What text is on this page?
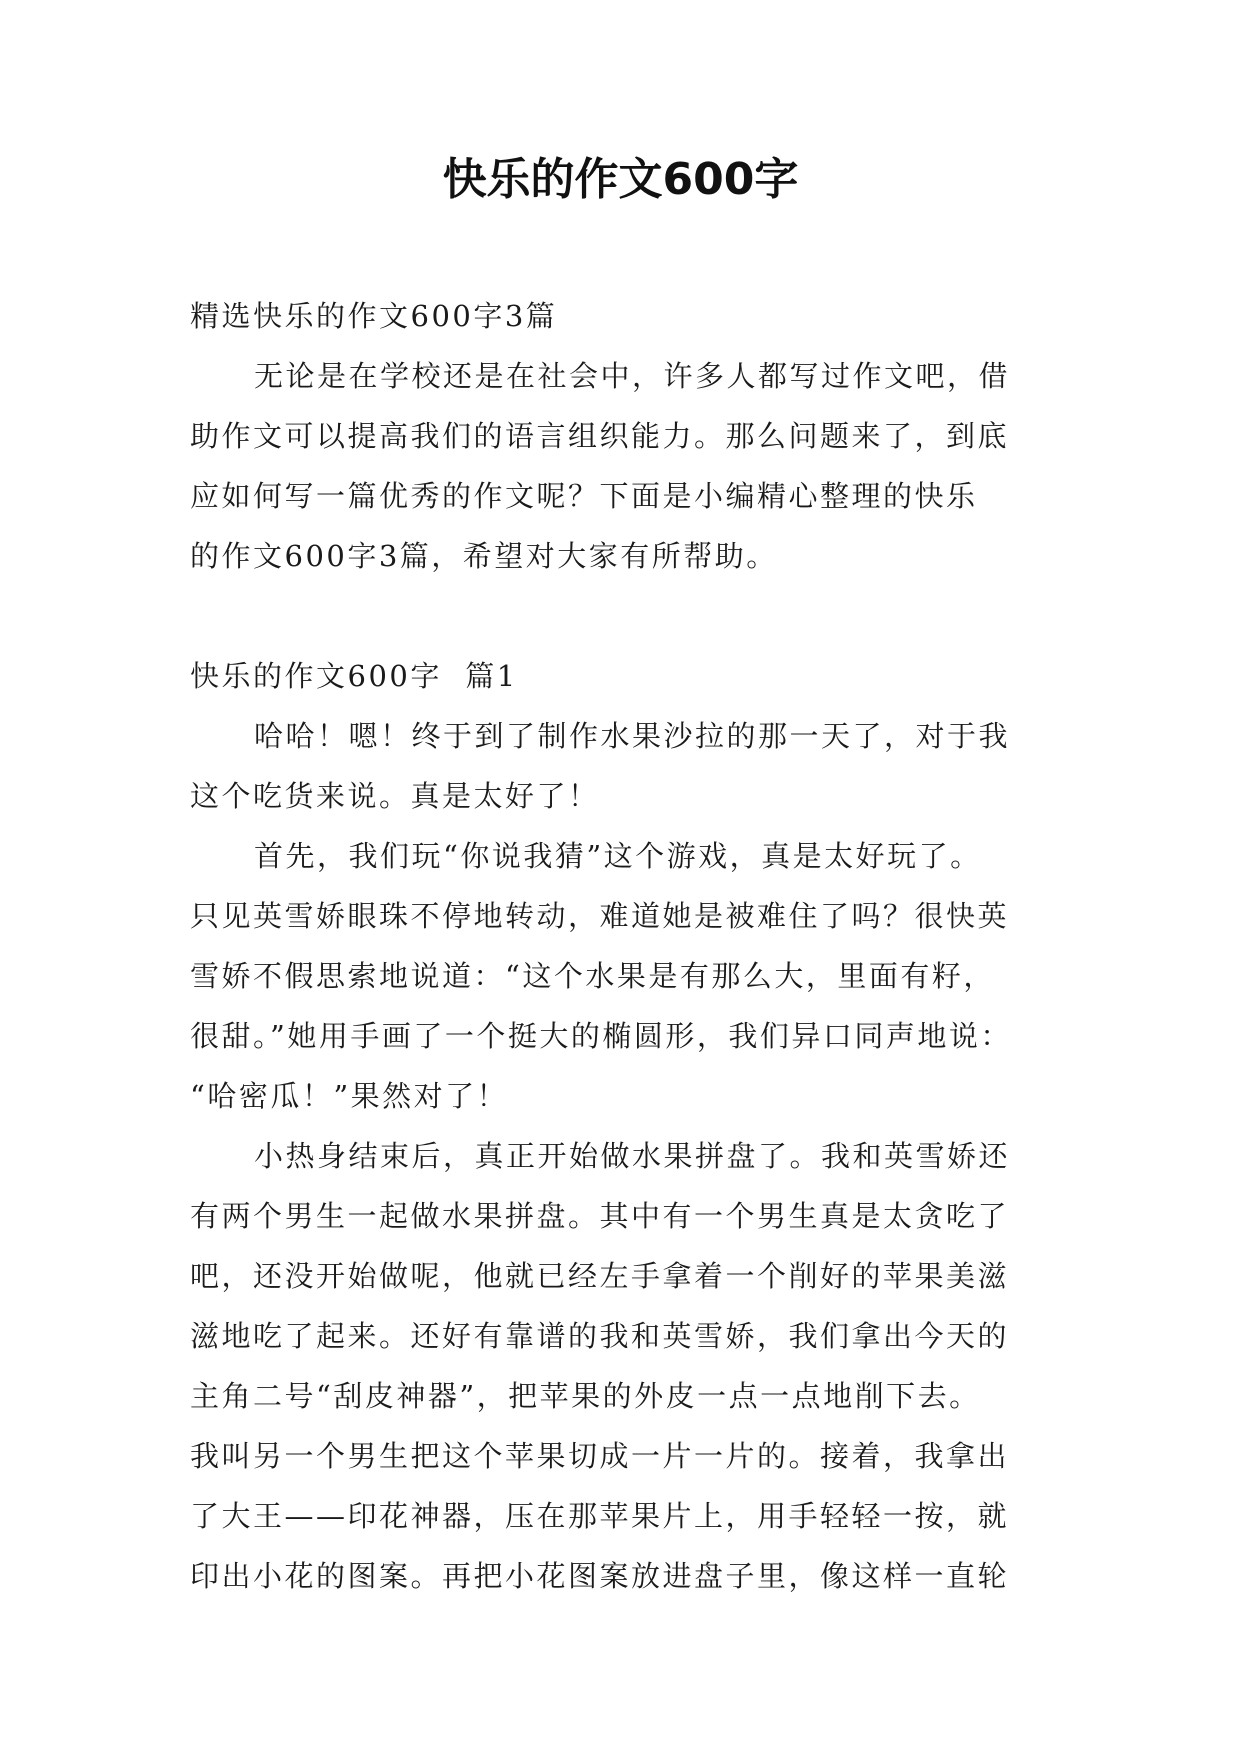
快乐的作文600字
精选快乐的作文600字3篇
无论是在学校还是在社会中，许多人都写过作文吧，借
助作文可以提高我们的语言组织能力。那么问题来了，到底
应如何写一篇优秀的作文呢？下面是小编精心整理的快乐
的作文600字3篇，希望对大家有所帮助。
快乐的作文600字  篇1
哈哈！嗯！终于到了制作水果沙拉的那一天了，对于我
这个吃货来说。真是太好了！
首先，我们玩“你说我猜”这个游戏，真是太好玩了。
只见英雪娇眼珠不停地转动，难道她是被难住了吗？很快英
雪娇不假思索地说道：“这个水果是有那么大，里面有籽，
很甜。”她用手画了一个挺大的椭圆形，我们异口同声地说：
“哈密瓜！”果然对了！
小热身结束后，真正开始做水果拼盘了。我和英雪娇还
有两个男生一起做水果拼盘。其中有一个男生真是太贪吃了
吧，还没开始做呢，他就已经左手拿着一个削好的苹果美滋
滋地吃了起来。还好有靠谱的我和英雪娇，我们拿出今天的
主角二号“刮皮神器”，把苹果的外皮一点一点地削下去。
我叫另一个男生把这个苹果切成一片一片的。接着，我拿出
了大王——印花神器，压在那苹果片上，用手轻轻一按，就
印出小花的图案。再把小花图案放进盘子里，像这样一直轮
